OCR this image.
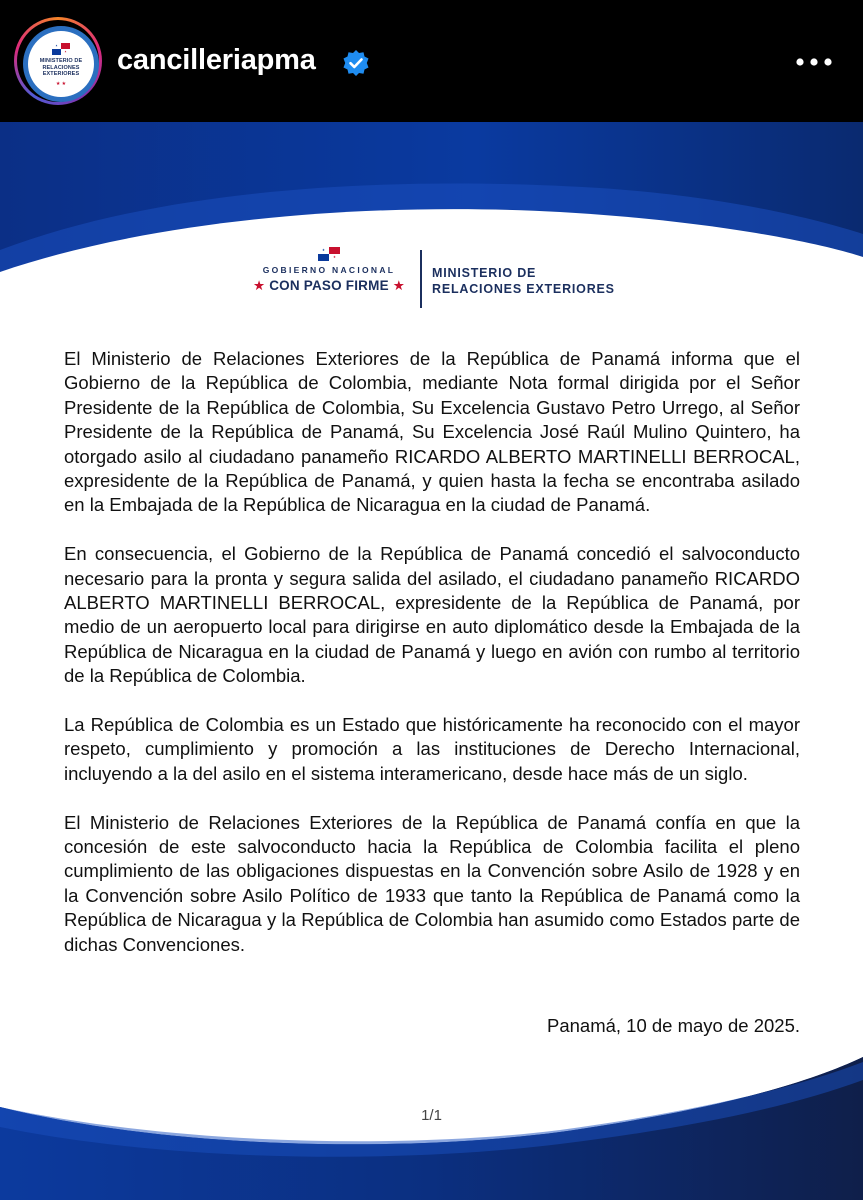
MINISTERIO DE
RELACIONES
EXTERIORES
★ ★
cancilleriapma
GOBIERNO NACIONAL
★ CON PASO FIRME ★
MINISTERIO DE
RELACIONES EXTERIORES

El Ministerio de Relaciones Exteriores de la República de Panamá informa que el Gobierno de la República de Colombia, mediante Nota formal dirigida por el Señor Presidente de la República de Colombia, Su Excelencia Gustavo Petro Urrego, al Señor Presidente de la República de Panamá, Su Excelencia José Raúl Mulino Quintero, ha otorgado asilo al ciudadano panameño RICARDO ALBERTO MARTINELLI BERROCAL, expresidente de la República de Panamá, y quien hasta la fecha se encontraba asilado en la Embajada de la República de Nicaragua en la ciudad de Panamá.

En consecuencia, el Gobierno de la República de Panamá concedió el salvoconducto necesario para la pronta y segura salida del asilado, el ciudadano panameño RICARDO ALBERTO MARTINELLI BERROCAL, expresidente de la República de Panamá, por medio de un aeropuerto local para dirigirse en auto diplomático desde la Embajada de la República de Nicaragua en la ciudad de Panamá y luego en avión con rumbo al territorio de la República de Colombia.

La República de Colombia es un Estado que históricamente ha reconocido con el mayor respeto, cumplimiento y promoción a las instituciones de Derecho Internacional, incluyendo a la del asilo en el sistema interamericano, desde hace más de un siglo.

El Ministerio de Relaciones Exteriores de la República de Panamá confía en que la concesión de este salvoconducto hacia la República de Colombia facilita el pleno cumplimiento de las obligaciones dispuestas en la Convención sobre Asilo de 1928 y en la Convención sobre Asilo Político de 1933 que tanto la República de Panamá como la República de Nicaragua y la República de Colombia han asumido como Estados parte de dichas Convenciones.

Panamá, 10 de mayo de 2025.
1/1
